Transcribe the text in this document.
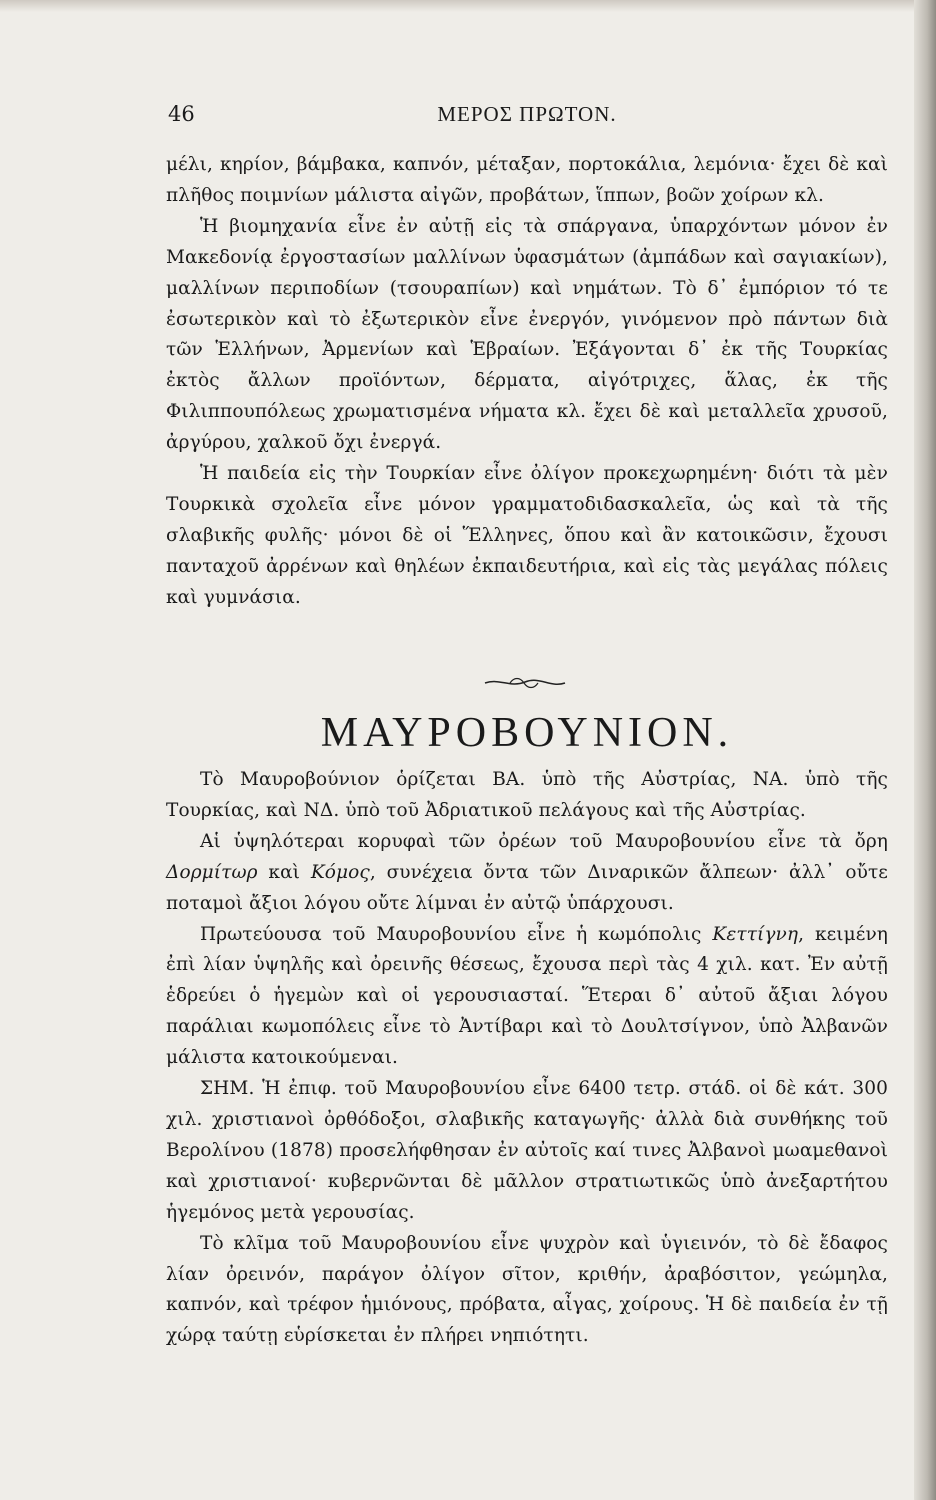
46	ΜΕΡΟΣ ΠΡΩΤΟΝ.

μέλι, κηρίον, βάμβακα, καπνόν, μέταξαν, πορτοκάλια, λεμόνια· ἔχει δὲ καὶ πλῆθος ποιμνίων μάλιστα αἰγῶν, προβάτων, ἵππων, βοῶν χοίρων κλ.

Ἡ βιομηχανία εἶνε ἐν αὐτῇ εἰς τὰ σπάργανα, ὑπαρχόντων μόνον ἐν Μακεδονίᾳ ἐργοστασίων μαλλίνων ὑφασμάτων (ἀμπάδων καὶ σαγιακίων), μαλλίνων περιποδίων (τσουραπίων) καὶ νημάτων. Τὸ δ᾽ ἐμπόριον τό τε ἐσωτερικὸν καὶ τὸ ἐξωτερικὸν εἶνε ἐνεργόν, γινόμενον πρὸ πάντων διὰ τῶν Ἑλλήνων, Ἀρμενίων καὶ Ἑβραίων. Ἐξάγονται δ᾽ ἐκ τῆς Τουρκίας ἐκτὸς ἄλλων προϊόντων, δέρματα, αἰγότριχες, ἅλας, ἐκ τῆς Φιλιππουπόλεως χρωματισμένα νήματα κλ. ἔχει δὲ καὶ μεταλλεῖα χρυσοῦ, ἀργύρου, χαλκοῦ ὄχι ἐνεργά.

Ἡ παιδεία εἰς τὴν Τουρκίαν εἶνε ὀλίγον προκεχωρημένη· διότι τὰ μὲν Τουρκικὰ σχολεῖα εἶνε μόνον γραμματοδιδασκαλεῖα, ὡς καὶ τὰ τῆς σλαβικῆς φυλῆς· μόνοι δὲ οἱ Ἕλληνες, ὅπου καὶ ἂν κατοικῶσιν, ἔχουσι πανταχοῦ ἀρρένων καὶ θηλέων ἐκπαιδευτήρια, καὶ εἰς τὰς μεγάλας πόλεις καὶ γυμνάσια.

ΜΑΥΡΟΒΟΥΝΙΟΝ.

Τὸ Μαυροβούνιον ὁρίζεται ΒΑ. ὑπὸ τῆς Αὐστρίας, ΝΑ. ὑπὸ τῆς Τουρκίας, καὶ ΝΔ. ὑπὸ τοῦ Ἀδριατικοῦ πελάγους καὶ τῆς Αὐστρίας.

Αἱ ὑψηλότεραι κορυφαὶ τῶν ὀρέων τοῦ Μαυροβουνίου εἶνε τὰ ὄρη Δορμίτωρ καὶ Κόμος, συνέχεια ὄντα τῶν Διναρικῶν ἄλπεων· ἀλλ᾽ οὔτε ποταμοὶ ἄξιοι λόγου οὔτε λίμναι ἐν αὐτῷ ὑπάρχουσι.

Πρωτεύουσα τοῦ Μαυροβουνίου εἶνε ἡ κωμόπολις Κεττίγνη, κειμένη ἐπὶ λίαν ὑψηλῆς καὶ ὀρεινῆς θέσεως, ἔχουσα περὶ τὰς 4 χιλ. κατ. Ἐν αὐτῇ ἑδρεύει ὁ ἡγεμὼν καὶ οἱ γερουσιασταί. Ἕτεραι δ᾽ αὐτοῦ ἄξιαι λόγου παράλιαι κωμοπόλεις εἶνε τὸ Ἀντίβαρι καὶ τὸ Δουλτσίγνον, ὑπὸ Ἀλβανῶν μάλιστα κατοικούμεναι.

ΣΗΜ. Ἡ ἐπιφ. τοῦ Μαυροβουνίου εἶνε 6400 τετρ. στάδ. οἱ δὲ κάτ. 300 χιλ. χριστιανοὶ ὀρθόδοξοι, σλαβικῆς καταγωγῆς· ἀλλὰ διὰ συνθήκης τοῦ Βερολίνου (1878) προσελήφθησαν ἐν αὐτοῖς καί τινες Ἀλβανοὶ μωαμεθανοὶ καὶ χριστιανοί· κυβερνῶνται δὲ μᾶλλον στρατιωτικῶς ὑπὸ ἀνεξαρτήτου ἡγεμόνος μετὰ γερουσίας.

Τὸ κλῖμα τοῦ Μαυροβουνίου εἶνε ψυχρὸν καὶ ὑγιεινόν, τὸ δὲ ἔδαφος λίαν ὀρεινόν, παράγον ὀλίγον σῖτον, κριθήν, ἀραβόσιτον, γεώμηλα, καπνόν, καὶ τρέφον ἡμιόνους, πρόβατα, αἶγας, χοίρους. Ἡ δὲ παιδεία ἐν τῇ χώρᾳ ταύτῃ εὑρίσκεται ἐν πλήρει νηπιότητι.
